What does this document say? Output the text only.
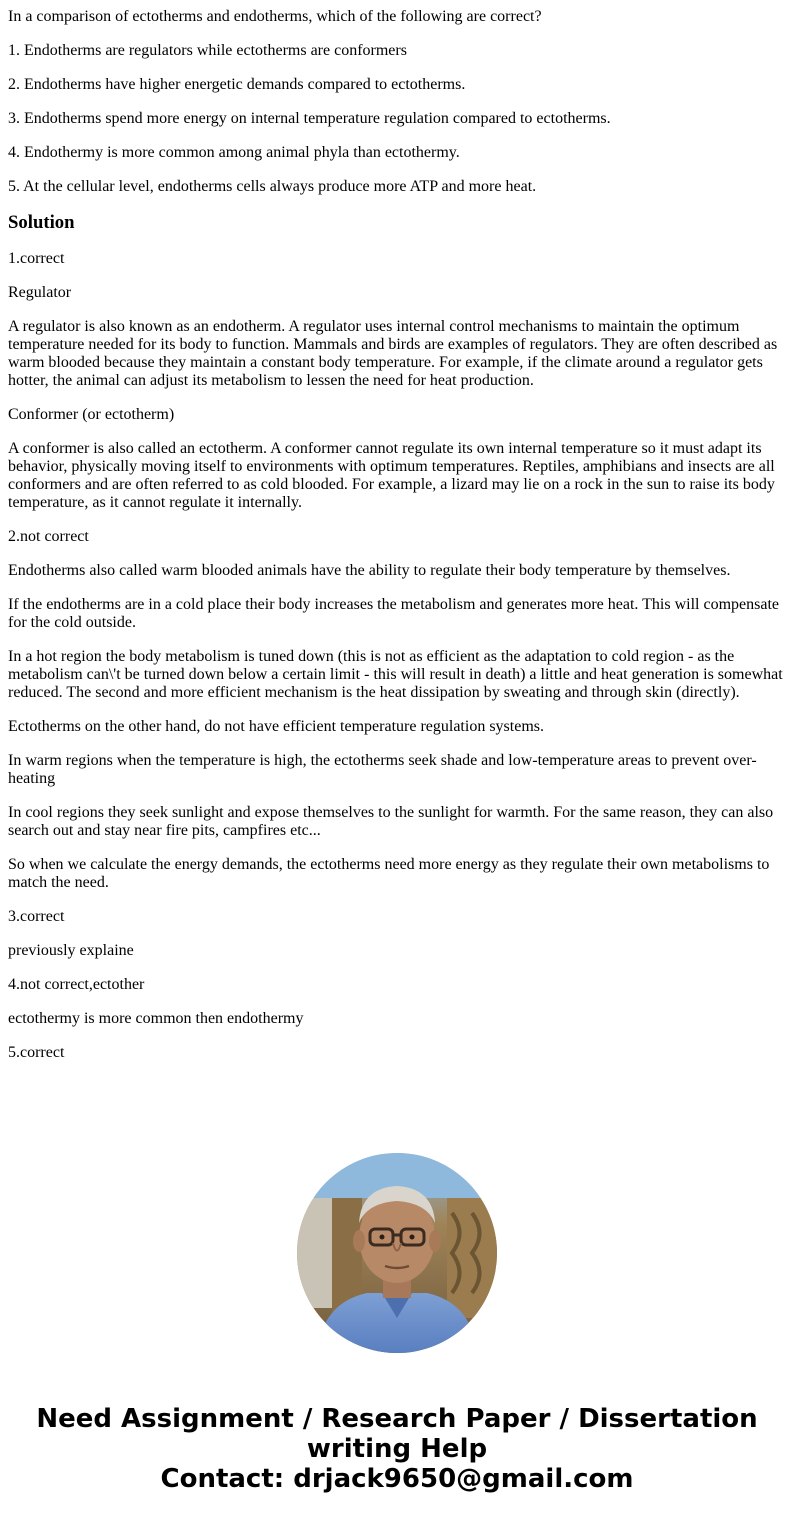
In a comparison of ectotherms and endotherms, which of the following are correct?

1. Endotherms are regulators while ectotherms are conformers

2. Endotherms have higher energetic demands compared to ectotherms.

3. Endotherms spend more energy on internal temperature regulation compared to ectotherms.

4. Endothermy is more common among animal phyla than ectothermy.

5. At the cellular level, endotherms cells always produce more ATP and more heat.

Solution

1.correct

Regulator

A regulator is also known as an endotherm. A regulator uses internal control mechanisms to maintain the optimum temperature needed for its body to function. Mammals and birds are examples of regulators. They are often described as warm blooded because they maintain a constant body temperature. For example, if the climate around a regulator gets hotter, the animal can adjust its metabolism to lessen the need for heat production.

Conformer (or ectotherm)

A conformer is also called an ectotherm. A conformer cannot regulate its own internal temperature so it must adapt its behavior, physically moving itself to environments with optimum temperatures. Reptiles, amphibians and insects are all conformers and are often referred to as cold blooded. For example, a lizard may lie on a rock in the sun to raise its body temperature, as it cannot regulate it internally.

2.not correct

Endotherms also called warm blooded animals have the ability to regulate their body temperature by themselves.

If the endotherms are in a cold place their body increases the metabolism and generates more heat. This will compensate for the cold outside.

In a hot region the body metabolism is tuned down (this is not as efficient as the adaptation to cold region - as the metabolism can\'t be turned down below a certain limit - this will result in death) a little and heat generation is somewhat reduced. The second and more efficient mechanism is the heat dissipation by sweating and through skin (directly).

Ectotherms on the other hand, do not have efficient temperature regulation systems.

In warm regions when the temperature is high, the ectotherms seek shade and low-temperature areas to prevent over-heating

In cool regions they seek sunlight and expose themselves to the sunlight for warmth. For the same reason, they can also search out and stay near fire pits, campfires etc...

So when we calculate the energy demands, the ectotherms need more energy as they regulate their own metabolisms to match the need.

3.correct

previously explaine

4.not correct,ectother

ectothermy is more common then endothermy

5.correct

Need Assignment / Research Paper / Dissertation
writing Help
Contact: drjack9650@gmail.com
